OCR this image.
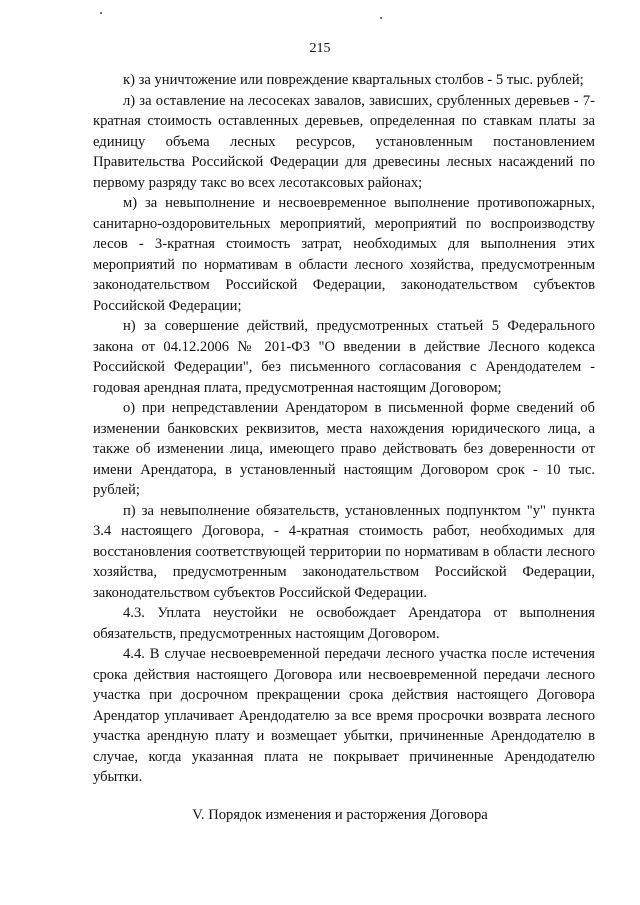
215

к) за уничтожение или повреждение квартальных столбов - 5 тыс. рублей;

л) за оставление на лесосеках завалов, зависших, срубленных деревьев - 7-кратная стоимость оставленных деревьев, определенная по ставкам платы за единицу объема лесных ресурсов, установленным постановлением Правительства Российской Федерации для древесины лесных насаждений по первому разряду такс во всех лесотаксовых районах;

м) за невыполнение и несвоевременное выполнение противопожарных, санитарно-оздоровительных мероприятий, мероприятий по воспроизводству лесов - 3-кратная стоимость затрат, необходимых для выполнения этих мероприятий по нормативам в области лесного хозяйства, предусмотренным законодательством Российской Федерации, законодательством субъектов Российской Федерации;

н) за совершение действий, предусмотренных статьей 5 Федерального закона от 04.12.2006 № 201-ФЗ "О введении в действие Лесного кодекса Российской Федерации", без письменного согласования с Арендодателем - годовая арендная плата, предусмотренная настоящим Договором;

о) при непредставлении Арендатором в письменной форме сведений об изменении банковских реквизитов, места нахождения юридического лица, а также об изменении лица, имеющего право действовать без доверенности от имени Арендатора, в установленный настоящим Договором срок - 10 тыс. рублей;

п) за невыполнение обязательств, установленных подпунктом "у" пункта 3.4 настоящего Договора, - 4-кратная стоимость работ, необходимых для восстановления соответствующей территории по нормативам в области лесного хозяйства, предусмотренным законодательством Российской Федерации, законодательством субъектов Российской Федерации.

4.3. Уплата неустойки не освобождает Арендатора от выполнения обязательств, предусмотренных настоящим Договором.

4.4. В случае несвоевременной передачи лесного участка после истечения срока действия настоящего Договора или несвоевременной передачи лесного участка при досрочном прекращении срока действия настоящего Договора Арендатор уплачивает Арендодателю за все время просрочки возврата лесного участка арендную плату и возмещает убытки, причиненные Арендодателю в случае, когда указанная плата не покрывает причиненные Арендодателю убытки.

V. Порядок изменения и расторжения Договора
